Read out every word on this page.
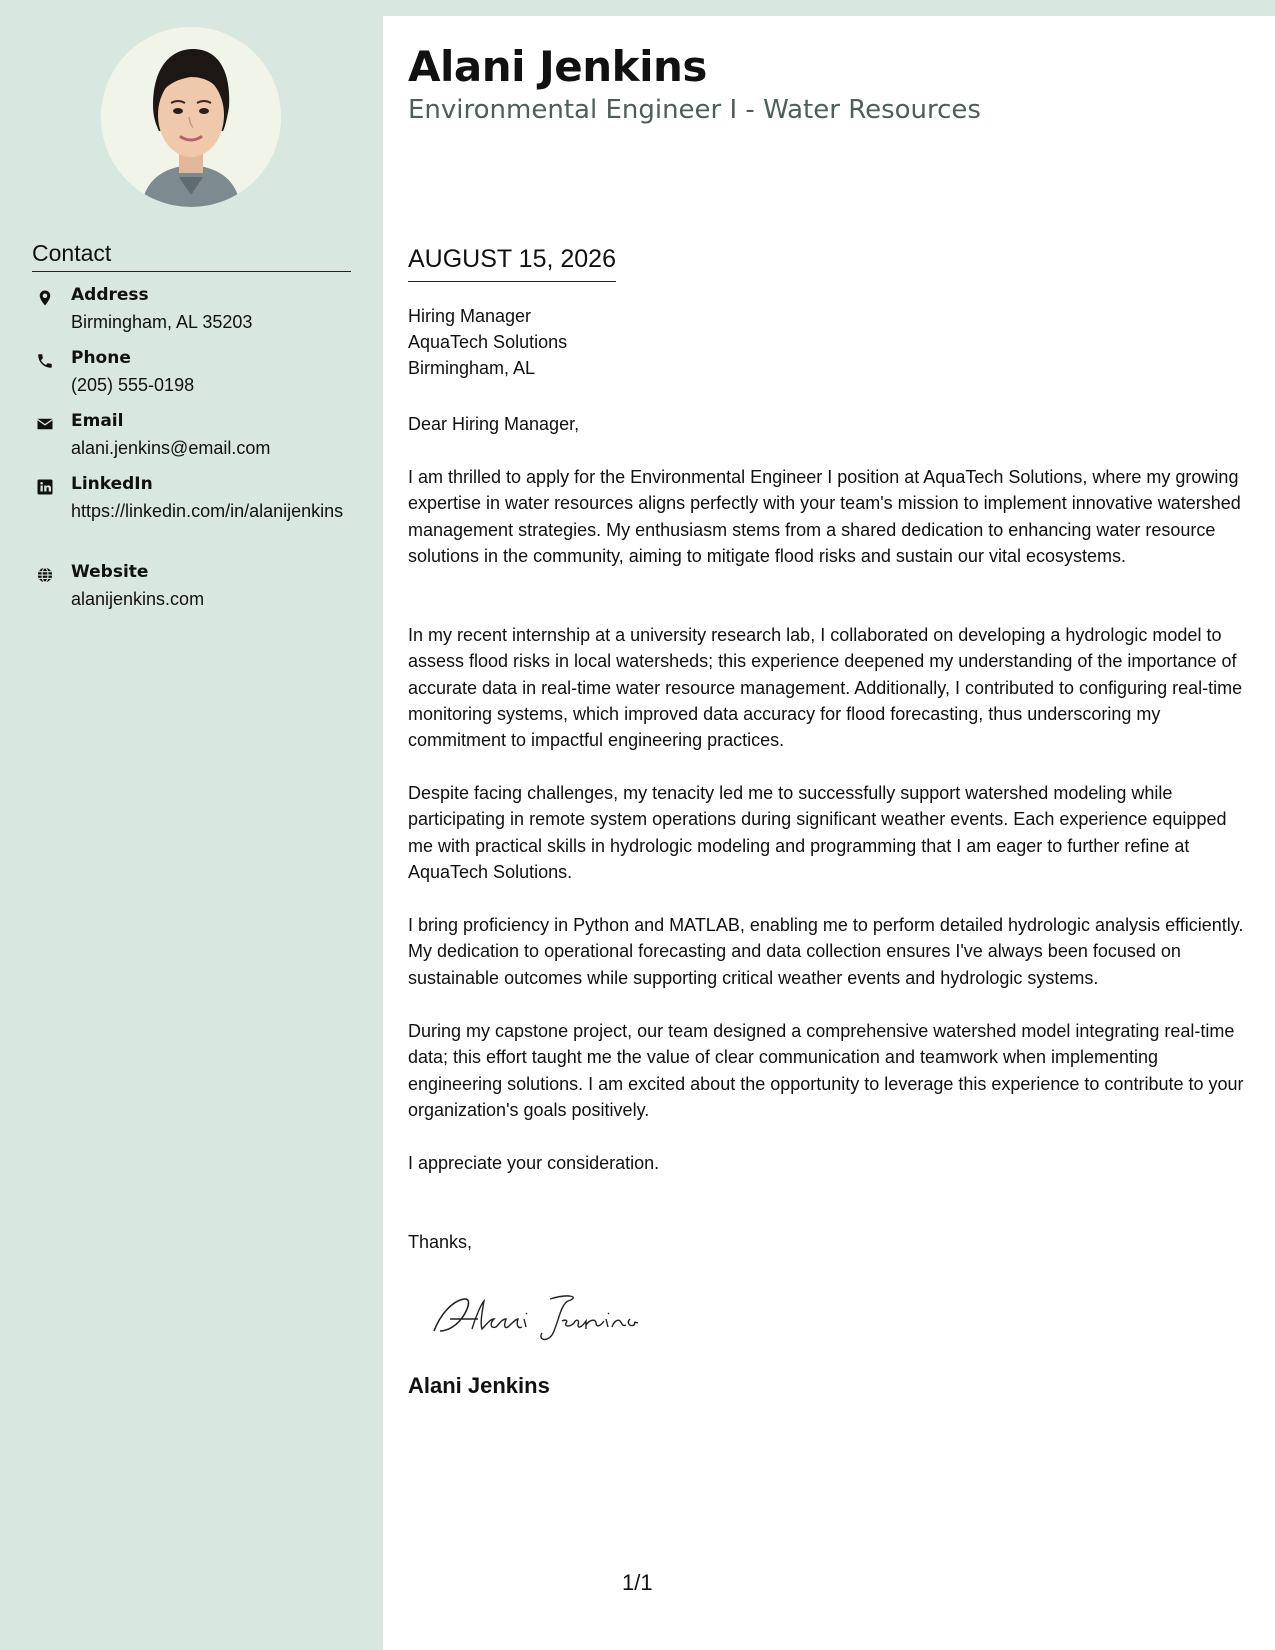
Contact
Address
Birmingham, AL 35203
Phone
(205) 555-0198
Email
alani.jenkins@email.com
LinkedIn
https://linkedin.com/in/alanijenkins
Website
alanijenkins.com
Alani Jenkins
Environmental Engineer I - Water Resources
AUGUST 15, 2026
Hiring Manager
AquaTech Solutions
Birmingham, AL
Dear Hiring Manager,
I am thrilled to apply for the Environmental Engineer I position at AquaTech Solutions, where my growing expertise in water resources aligns perfectly with your team's mission to implement innovative watershed management strategies. My enthusiasm stems from a shared dedication to enhancing water resource solutions in the community, aiming to mitigate flood risks and sustain our vital ecosystems.
In my recent internship at a university research lab, I collaborated on developing a hydrologic model to assess flood risks in local watersheds; this experience deepened my understanding of the importance of accurate data in real-time water resource management. Additionally, I contributed to configuring real-time monitoring systems, which improved data accuracy for flood forecasting, thus underscoring my commitment to impactful engineering practices.
Despite facing challenges, my tenacity led me to successfully support watershed modeling while participating in remote system operations during significant weather events. Each experience equipped me with practical skills in hydrologic modeling and programming that I am eager to further refine at AquaTech Solutions.
I bring proficiency in Python and MATLAB, enabling me to perform detailed hydrologic analysis efficiently. My dedication to operational forecasting and data collection ensures I've always been focused on sustainable outcomes while supporting critical weather events and hydrologic systems.
During my capstone project, our team designed a comprehensive watershed model integrating real-time data; this effort taught me the value of clear communication and teamwork when implementing engineering solutions. I am excited about the opportunity to leverage this experience to contribute to your organization's goals positively.
I appreciate your consideration.
Thanks,
Alani Jenkins
1/1
